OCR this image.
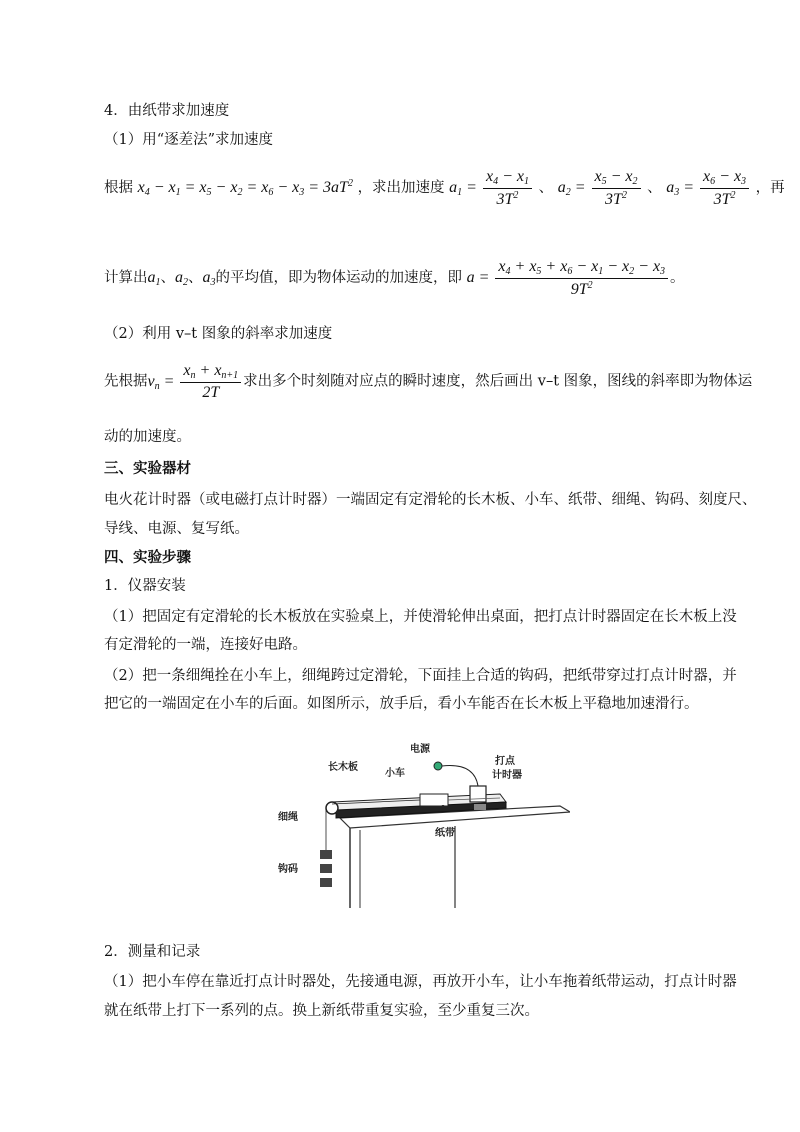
4．由纸带求加速度
（1）用“逐差法”求加速度
根据 $x_4 - x_1 = x_5 - x_2 = x_6 - x_3 = 3aT^2$ ，求出加速度 $a_1 = \frac{x_4 - x_1}{3T^2}$ 、 $a_2 = \frac{x_5 - x_2}{3T^2}$ 、 $a_3 = \frac{x_6 - x_3}{3T^2}$ ，再
计算出$a_1$、$a_2$、$a_3$的平均值，即为物体运动的加速度，即 $a = \frac{x_4 + x_5 + x_6 - x_1 - x_2 - x_3}{9T^2}$ 。
（2）利用 v–t 图象的斜率求加速度
先根据$v_n = \frac{x_n + x_{n+1}}{2T}$ 求出多个时刻随对应点的瞬时速度，然后画出 v–t 图象，图线的斜率即为物体运
动的加速度。
三、实验器材
电火花计时器（或电磁打点计时器）一端固定有定滑轮的长木板、小车、纸带、细绳、钩码、刻度尺、
导线、电源、复写纸。
四、实验步骤
1．仪器安装
（1）把固定有定滑轮的长木板放在实验桌上，并使滑轮伸出桌面，把打点计时器固定在长木板上没
有定滑轮的一端，连接好电路。
（2）把一条细绳拴在小车上，细绳跨过定滑轮，下面挂上合适的钩码，把纸带穿过打点计时器，并
把它的一端固定在小车的后面。如图所示，放手后，看小车能否在长木板上平稳地加速滑行。
长木板
小车
电源
打点
计时器
细绳
钩码
纸带
2．测量和记录
（1）把小车停在靠近打点计时器处，先接通电源，再放开小车，让小车拖着纸带运动，打点计时器
就在纸带上打下一系列的点。换上新纸带重复实验，至少重复三次。
